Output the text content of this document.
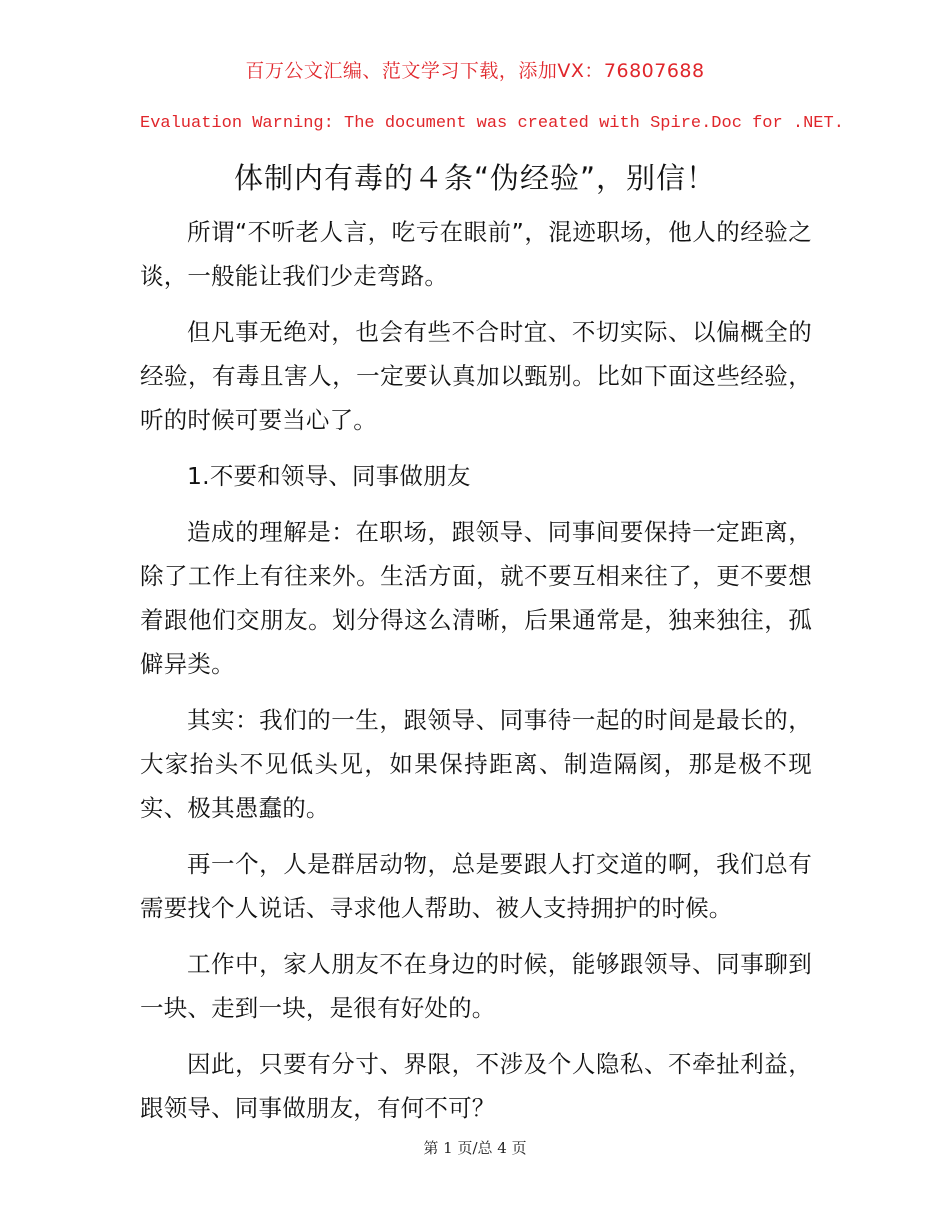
百万公文汇编、范文学习下载，添加VX：76807688
Evaluation Warning: The document was created with Spire.Doc for .NET.
体制内有毒的４条“伪经验”，别信！

所谓“不听老人言，吃亏在眼前”，混迹职场，他人的经验之谈，一般能让我们少走弯路。

但凡事无绝对，也会有些不合时宜、不切实际、以偏概全的经验，有毒且害人，一定要认真加以甄别。比如下面这些经验，听的时候可要当心了。

1.不要和领导、同事做朋友

造成的理解是：在职场，跟领导、同事间要保持一定距离，除了工作上有往来外。生活方面，就不要互相来往了，更不要想着跟他们交朋友。划分得这么清晰，后果通常是，独来独往，孤僻异类。

其实：我们的一生，跟领导、同事待一起的时间是最长的，大家抬头不见低头见，如果保持距离、制造隔阂，那是极不现实、极其愚蠢的。

再一个，人是群居动物，总是要跟人打交道的啊，我们总有需要找个人说话、寻求他人帮助、被人支持拥护的时候。

工作中，家人朋友不在身边的时候，能够跟领导、同事聊到一块、走到一块，是很有好处的。

因此，只要有分寸、界限，不涉及个人隐私、不牵扯利益，跟领导、同事做朋友，有何不可？

第 1 页/总 4 页
